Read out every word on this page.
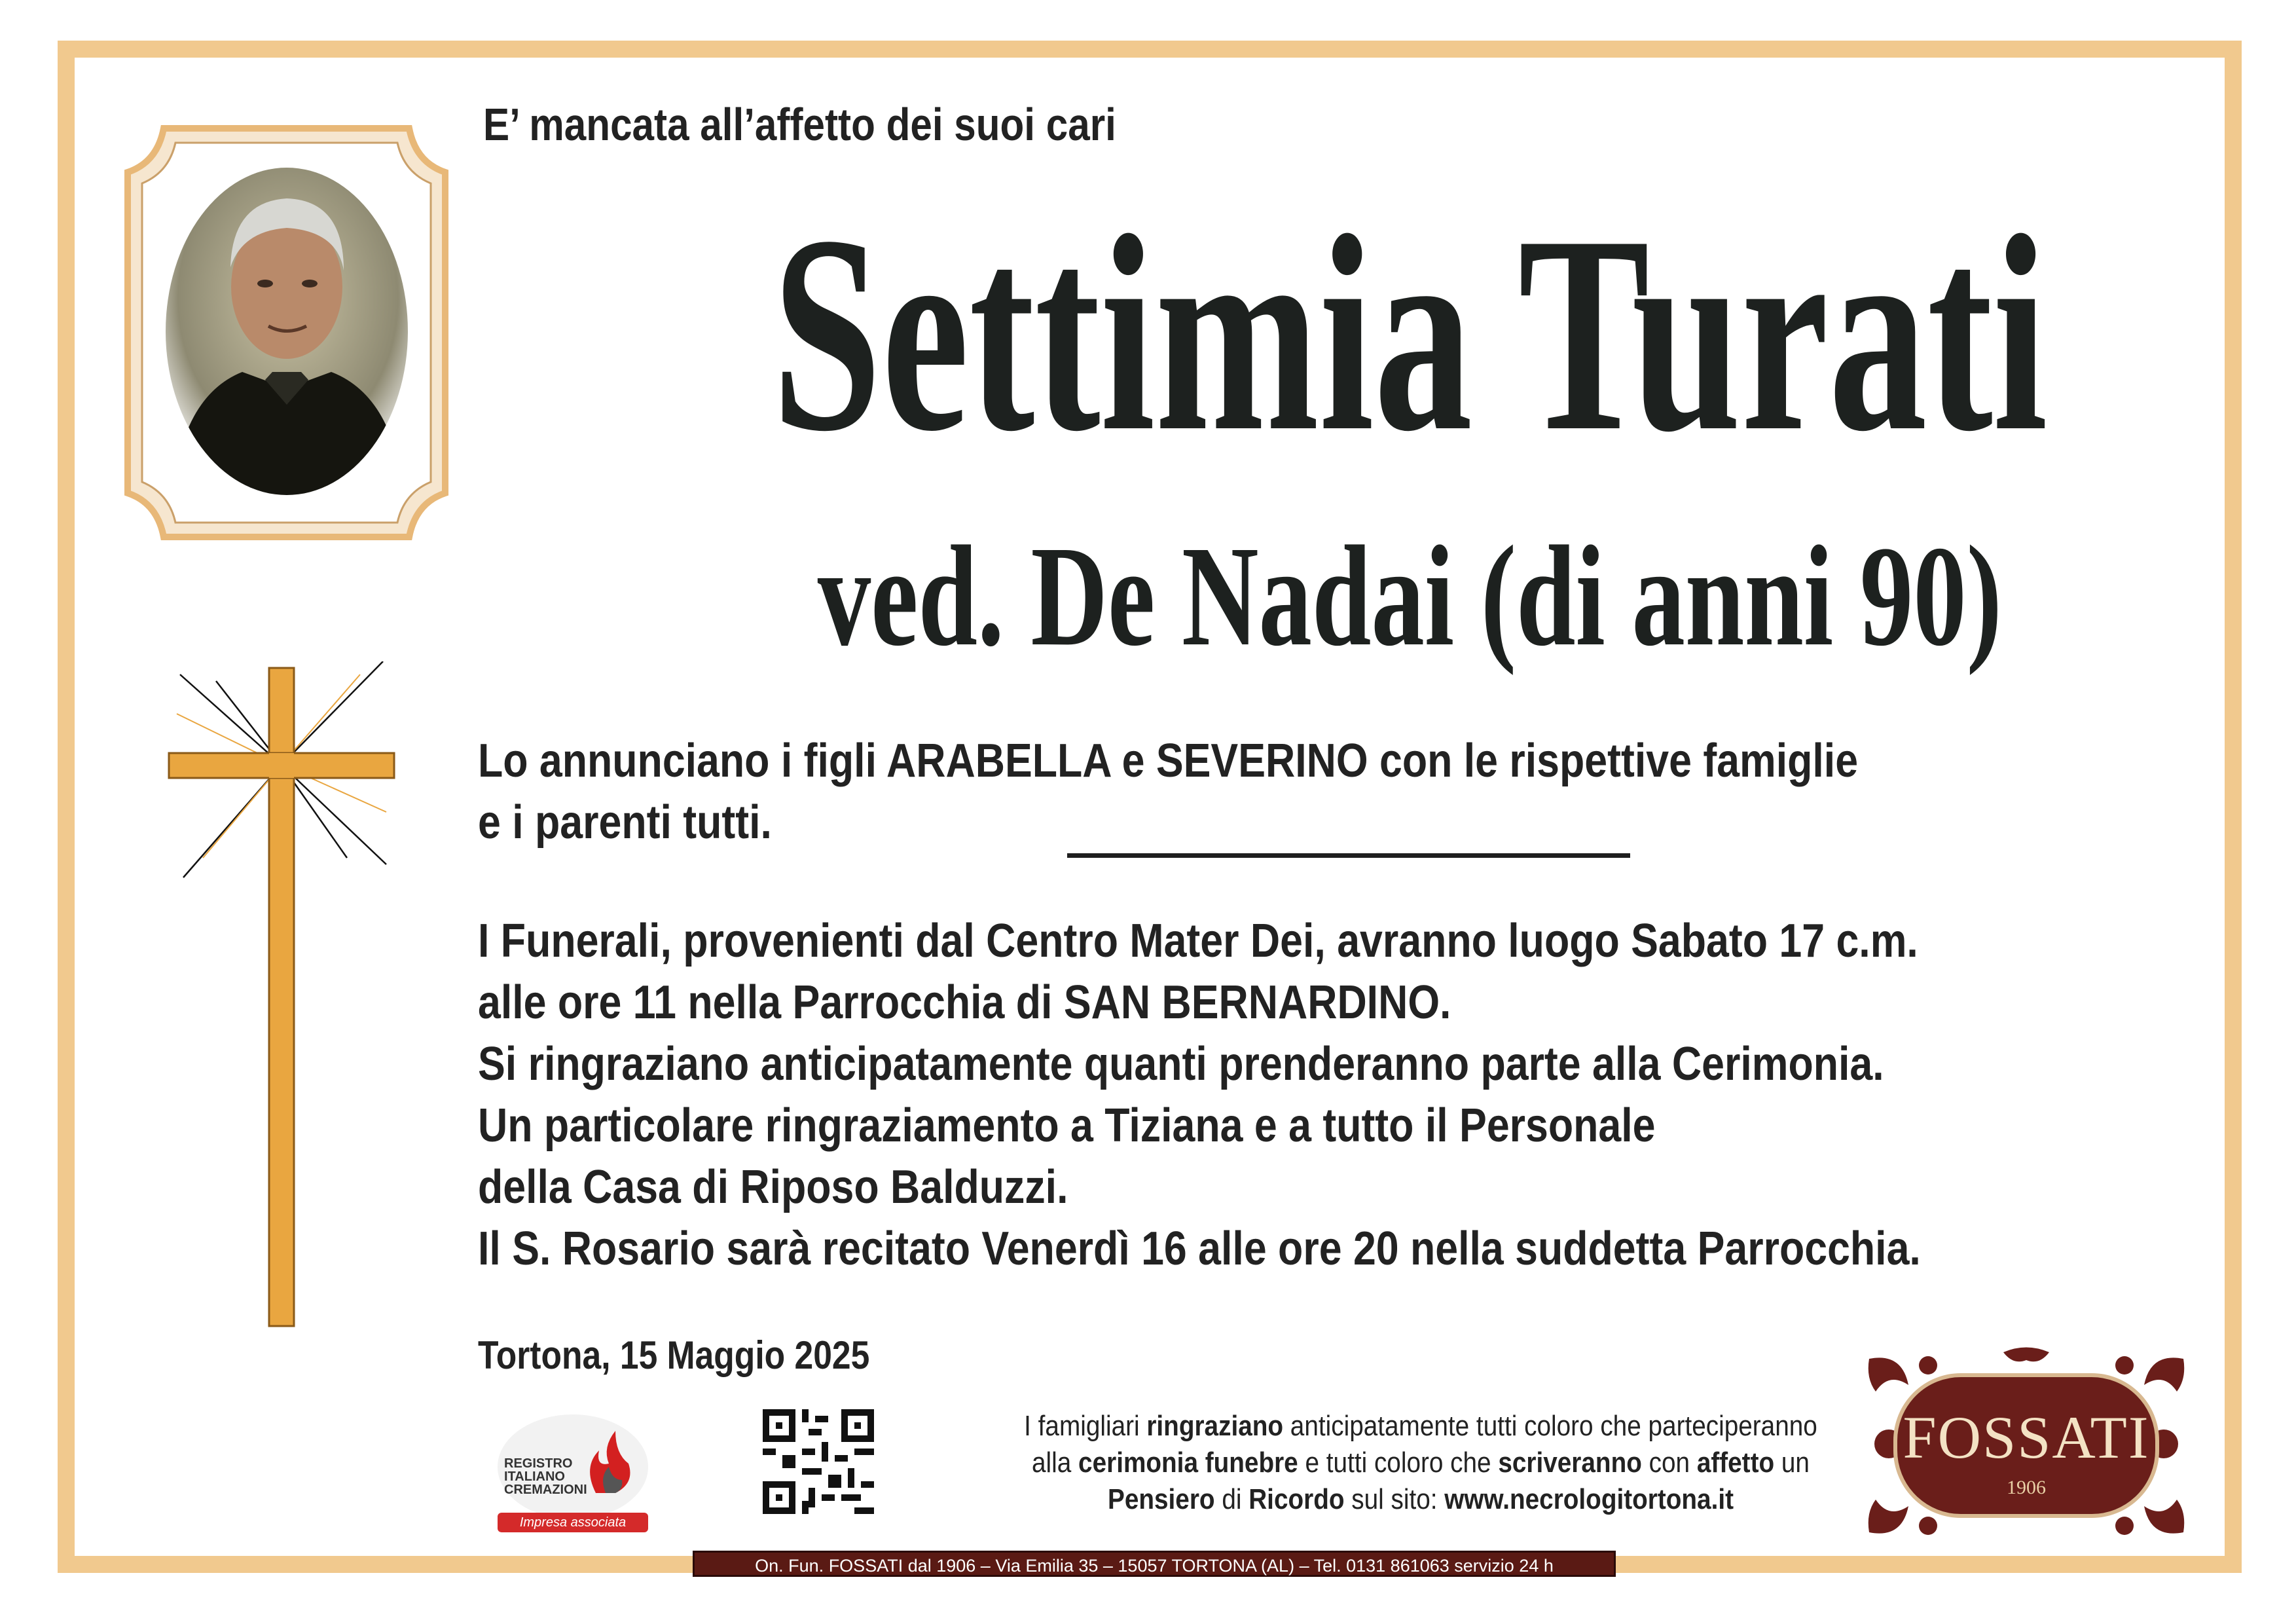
E’ mancata all’affetto dei suoi cari
Settimia Turati
ved. De Nadai (di anni 90)
Lo annunciano i figli ARABELLA e SEVERINO con le rispettive famiglie
e i parenti tutti.
I Funerali, provenienti dal Centro Mater Dei, avranno luogo Sabato 17 c.m.
alle ore 11 nella Parrocchia di SAN BERNARDINO.
Si ringraziano anticipatamente quanti prenderanno parte alla Cerimonia.
Un particolare ringraziamento a Tiziana e a tutto il Personale
della Casa di Riposo Balduzzi.
Il S. Rosario sarà recitato Venerdì 16 alle ore 20 nella suddetta Parrocchia.
Tortona, 15 Maggio 2025
REGISTRO
ITALIANO
CREMAZIONI
Impresa associata
I famigliari ringraziano anticipatamente tutti coloro che parteciperanno
alla cerimonia funebre e tutti coloro che scriveranno con affetto un
Pensiero di Ricordo sul sito: www.necrologitortona.it
FOSSATI
1906
On. Fun. FOSSATI dal 1906 – Via Emilia 35 – 15057 TORTONA (AL) – Tel. 0131 861063 servizio 24 h
